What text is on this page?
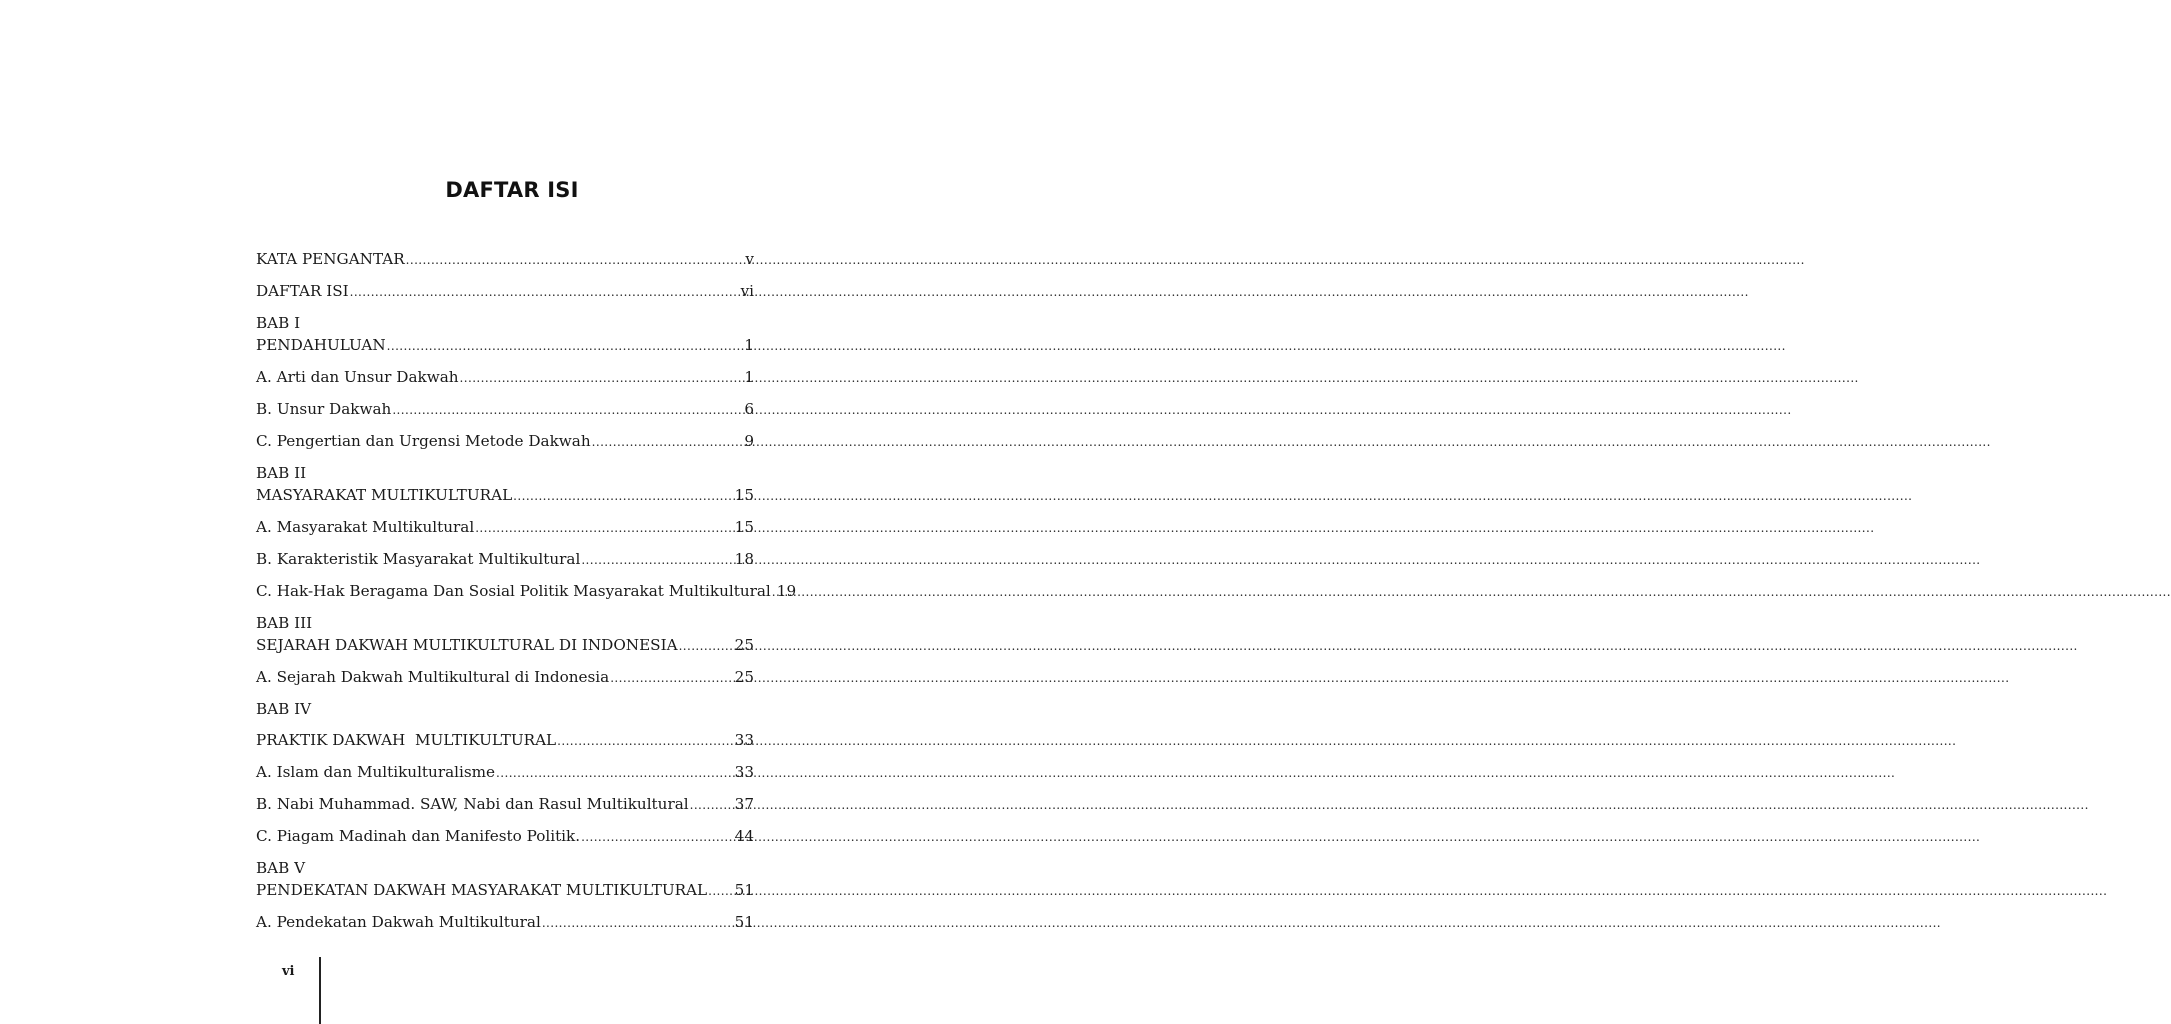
DAFTAR ISI
KATA PENGANTAR .....	v
DAFTAR ISI .....	vi
BAB I
PENDAHULUAN .....	1
A. Arti dan Unsur Dakwah .....	1
B. Unsur Dakwah .....	6
C. Pengertian dan Urgensi Metode Dakwah .....	9
BAB II
MASYARAKAT MULTIKULTURAL .....	15
A. Masyarakat Multikultural .....	15
B. Karakteristik Masyarakat Multikultural .....	18
C. Hak-Hak Beragama Dan Sosial Politik Masyarakat Multikultural ..... 19
BAB III
SEJARAH DAKWAH MULTIKULTURAL DI INDONESIA .....	25
A. Sejarah Dakwah Multikultural di Indonesia .....	25
BAB IV
PRAKTIK DAKWAH  MULTIKULTURAL .....	33
A. Islam dan Multikulturalisme .....	33
B. Nabi Muhammad. SAW, Nabi dan Rasul Multikultural .....	37
C. Piagam Madinah dan Manifesto Politik. .....	44
BAB V
PENDEKATAN DAKWAH MASYARAKAT MULTIKULTURAL ..... 51
A. Pendekatan Dakwah Multikultural .....	51
vi
